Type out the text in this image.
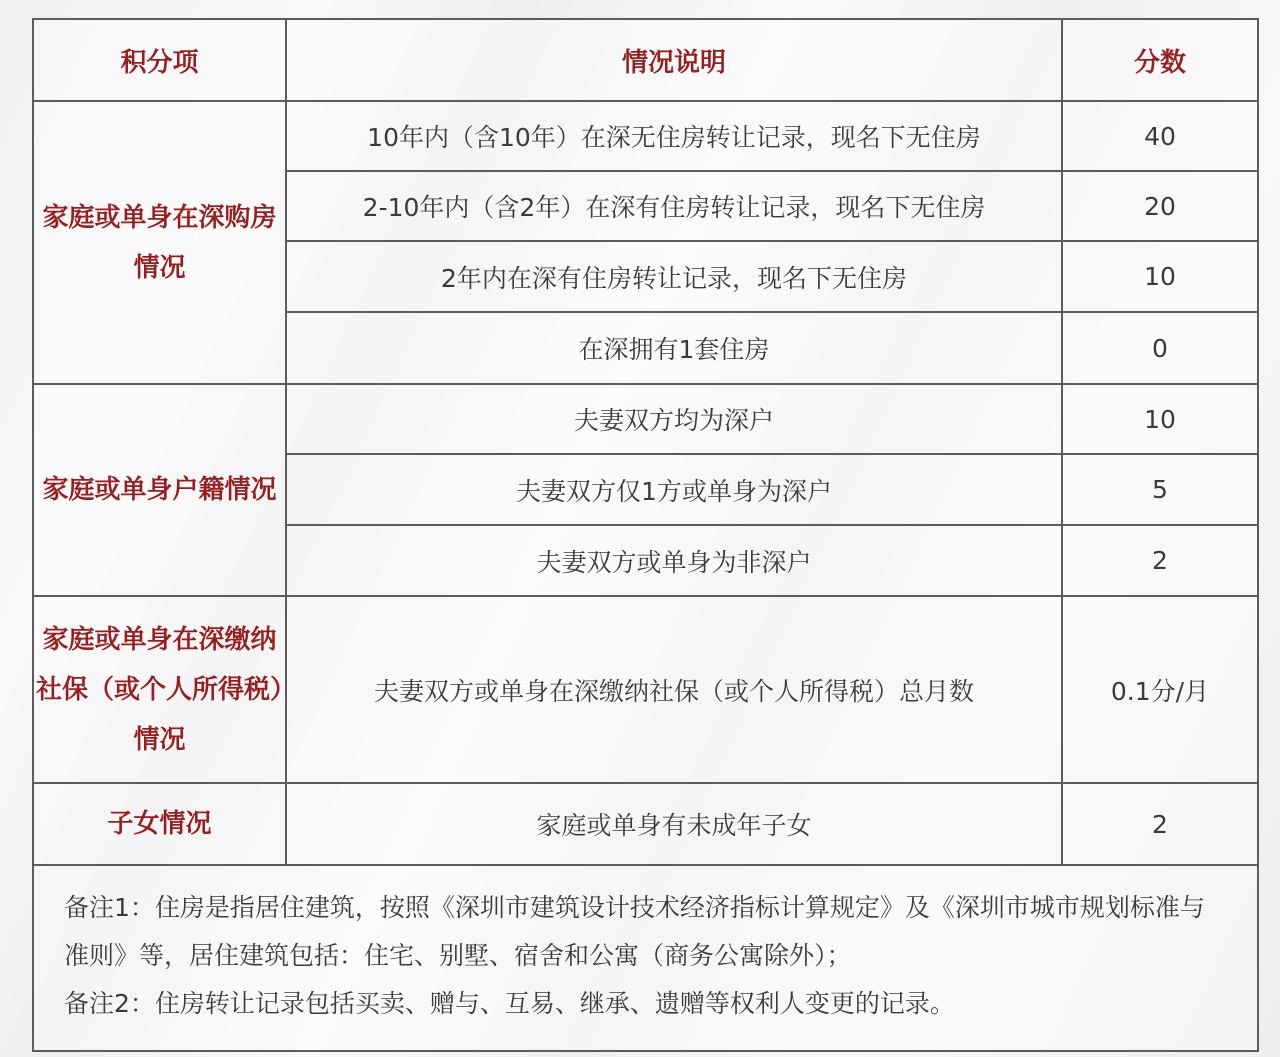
积分项	情况说明	分数
家庭或单身在深购房情况	10年内（含10年）在深无住房转让记录，现名下无住房	40
	2-10年内（含2年）在深有住房转让记录，现名下无住房	20
	2年内在深有住房转让记录，现名下无住房	10
	在深拥有1套住房	0
家庭或单身户籍情况	夫妻双方均为深户	10
	夫妻双方仅1方或单身为深户	5
	夫妻双方或单身为非深户	2
家庭或单身在深缴纳社保（或个人所得税）情况	夫妻双方或单身在深缴纳社保（或个人所得税）总月数	0.1分/月
子女情况	家庭或单身有未成年子女	2

备注1：住房是指居住建筑，按照《深圳市建筑设计技术经济指标计算规定》及《深圳市城市规划标准与准则》等，居住建筑包括：住宅、别墅、宿舍和公寓（商务公寓除外）；

备注2：住房转让记录包括买卖、赠与、互易、继承、遗赠等权利人变更的记录。
